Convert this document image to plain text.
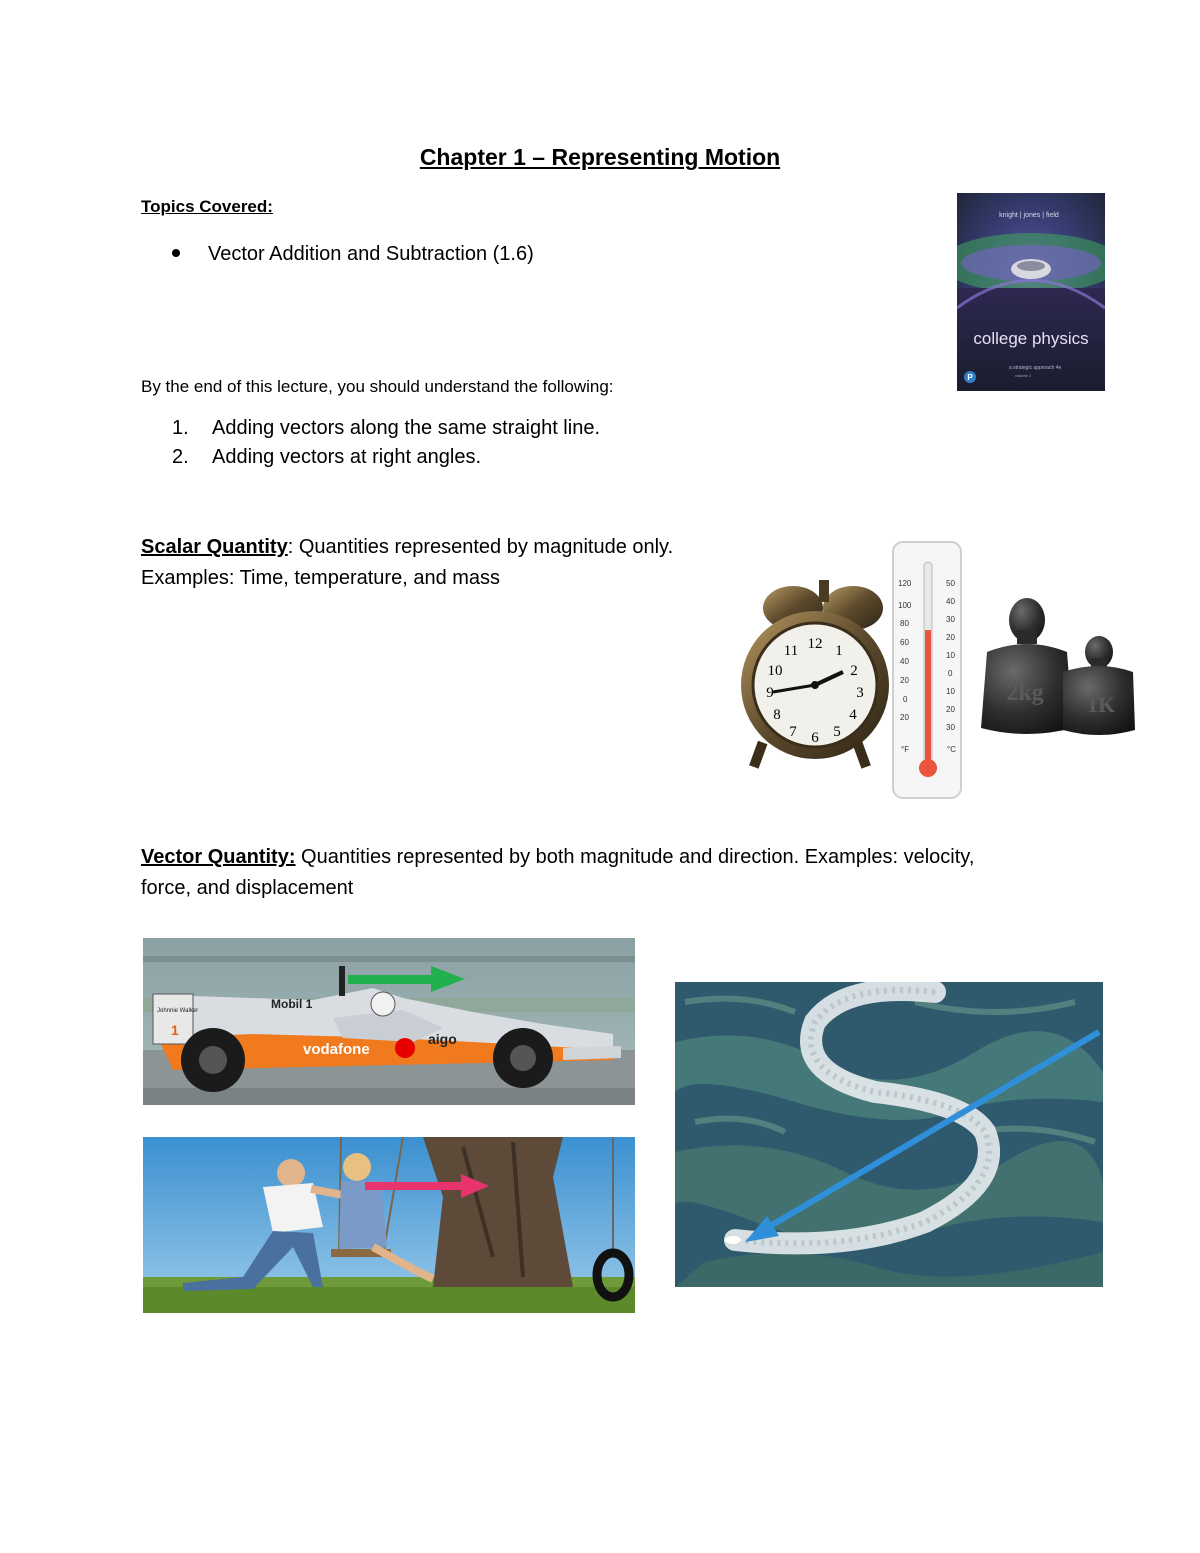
Chapter 1 – Representing Motion
Topics Covered:
Vector Addition and Subtraction (1.6)
By the end of this lecture, you should understand the following:
1. Adding vectors along the same straight line.
2. Adding vectors at right angles.
Scalar Quantity: Quantities represented by magnitude only.
Examples: Time, temperature, and mass
Vector Quantity: Quantities represented by both magnitude and direction. Examples: velocity,
force, and displacement
knight | jones | field
college physics
a strategic approach 4e
volume 1
P
12 1
2
3
4
5
6
7
8
9
10
11
120
100
80
60
40
20
0
20
50
40
30
20
10
0
10
20
30
°F	°C
2kg 1K
Mobil 1
vodafone
aigo
Johnnie Walker
1
